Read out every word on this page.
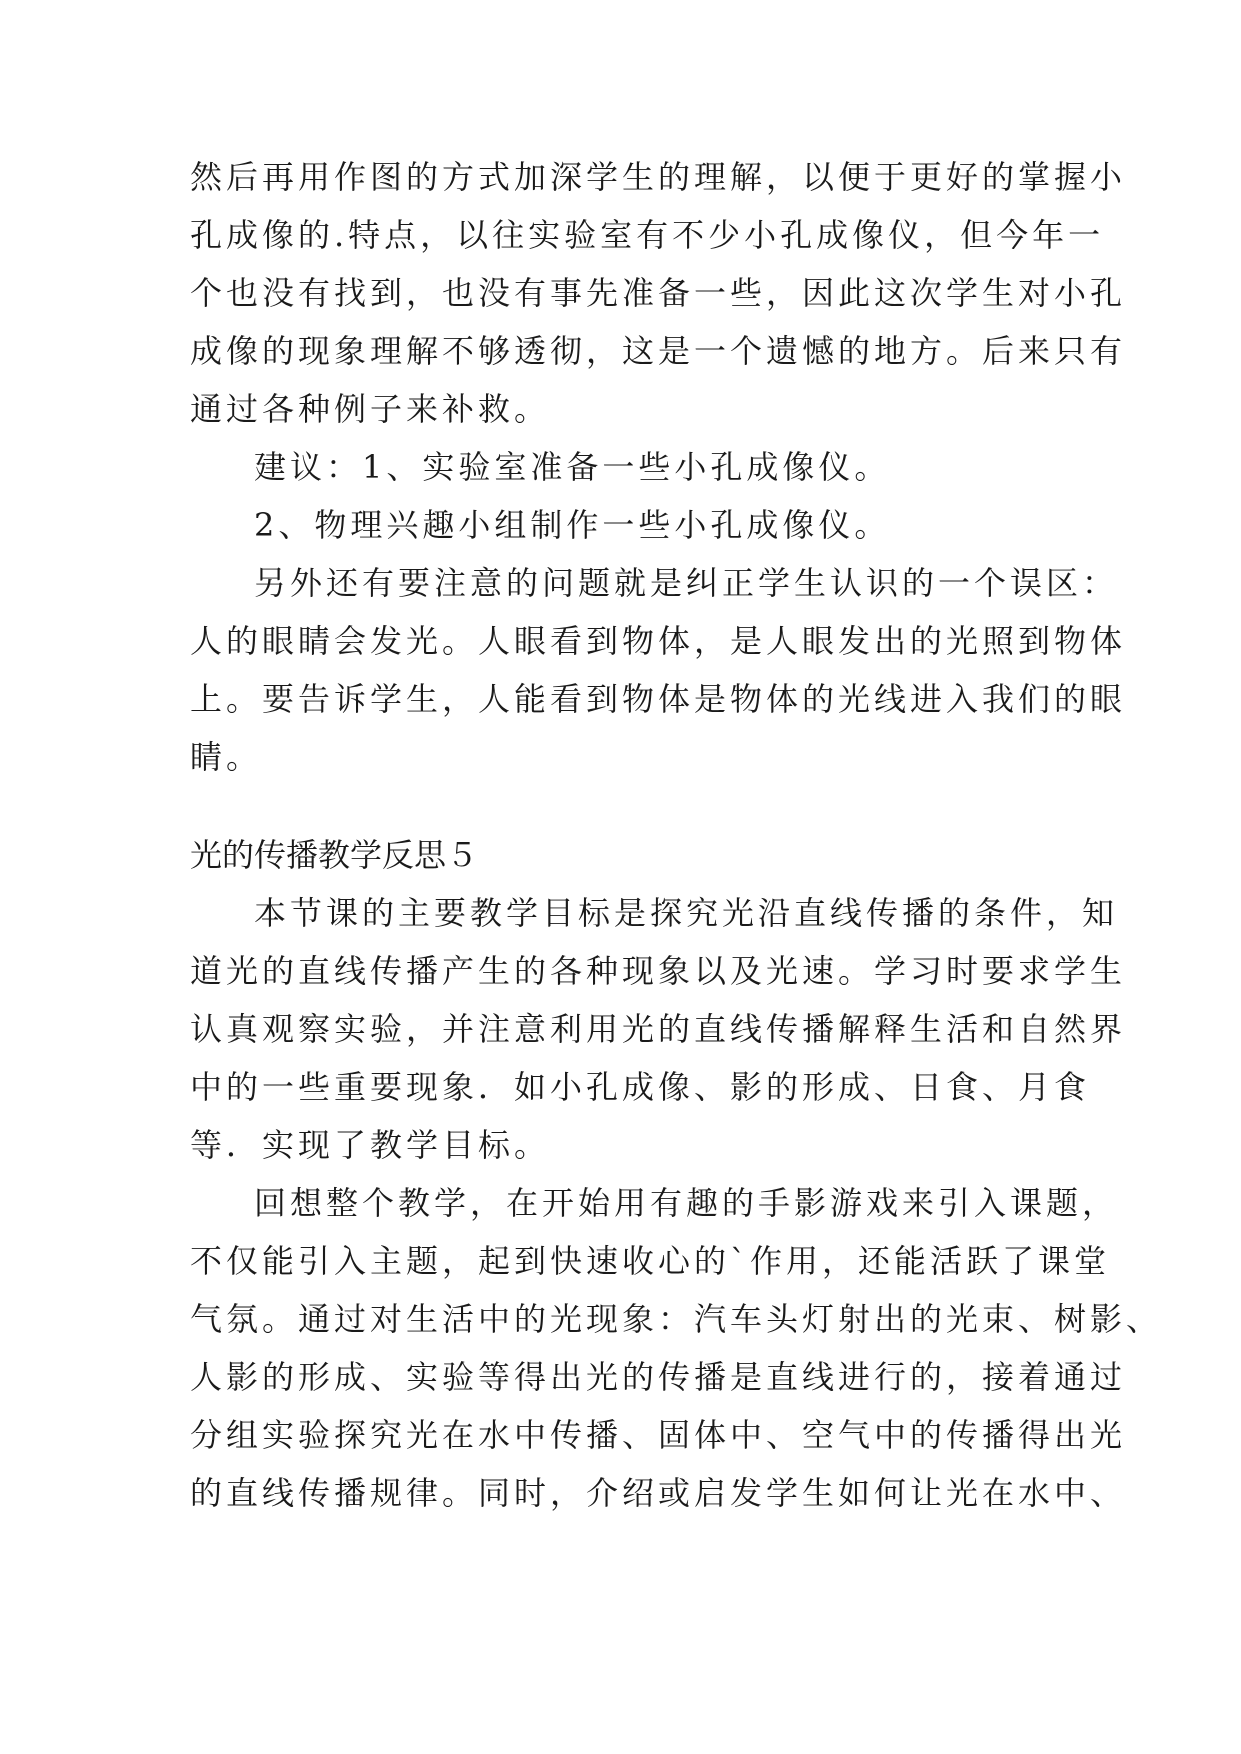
然后再用作图的方式加深学生的理解，以便于更好的掌握小
孔成像的.特点，以往实验室有不少小孔成像仪，但今年一
个也没有找到，也没有事先准备一些，因此这次学生对小孔
成像的现象理解不够透彻，这是一个遗憾的地方。后来只有
通过各种例子来补救。
建议：1、实验室准备一些小孔成像仪。
2、物理兴趣小组制作一些小孔成像仪。
另外还有要注意的问题就是纠正学生认识的一个误区：
人的眼睛会发光。人眼看到物体，是人眼发出的光照到物体
上。要告诉学生，人能看到物体是物体的光线进入我们的眼
睛。
光的传播教学反思５
本节课的主要教学目标是探究光沿直线传播的条件，知
道光的直线传播产生的各种现象以及光速。学习时要求学生
认真观察实验，并注意利用光的直线传播解释生活和自然界
中的一些重要现象．如小孔成像、影的形成、日食、月食
等．实现了教学目标。
回想整个教学，在开始用有趣的手影游戏来引入课题，
不仅能引入主题，起到快速收心的`作用，还能活跃了课堂
气氛。通过对生活中的光现象：汽车头灯射出的光束、树影、
人影的形成、实验等得出光的传播是直线进行的，接着通过
分组实验探究光在水中传播、固体中、空气中的传播得出光
的直线传播规律。同时，介绍或启发学生如何让光在水中、
